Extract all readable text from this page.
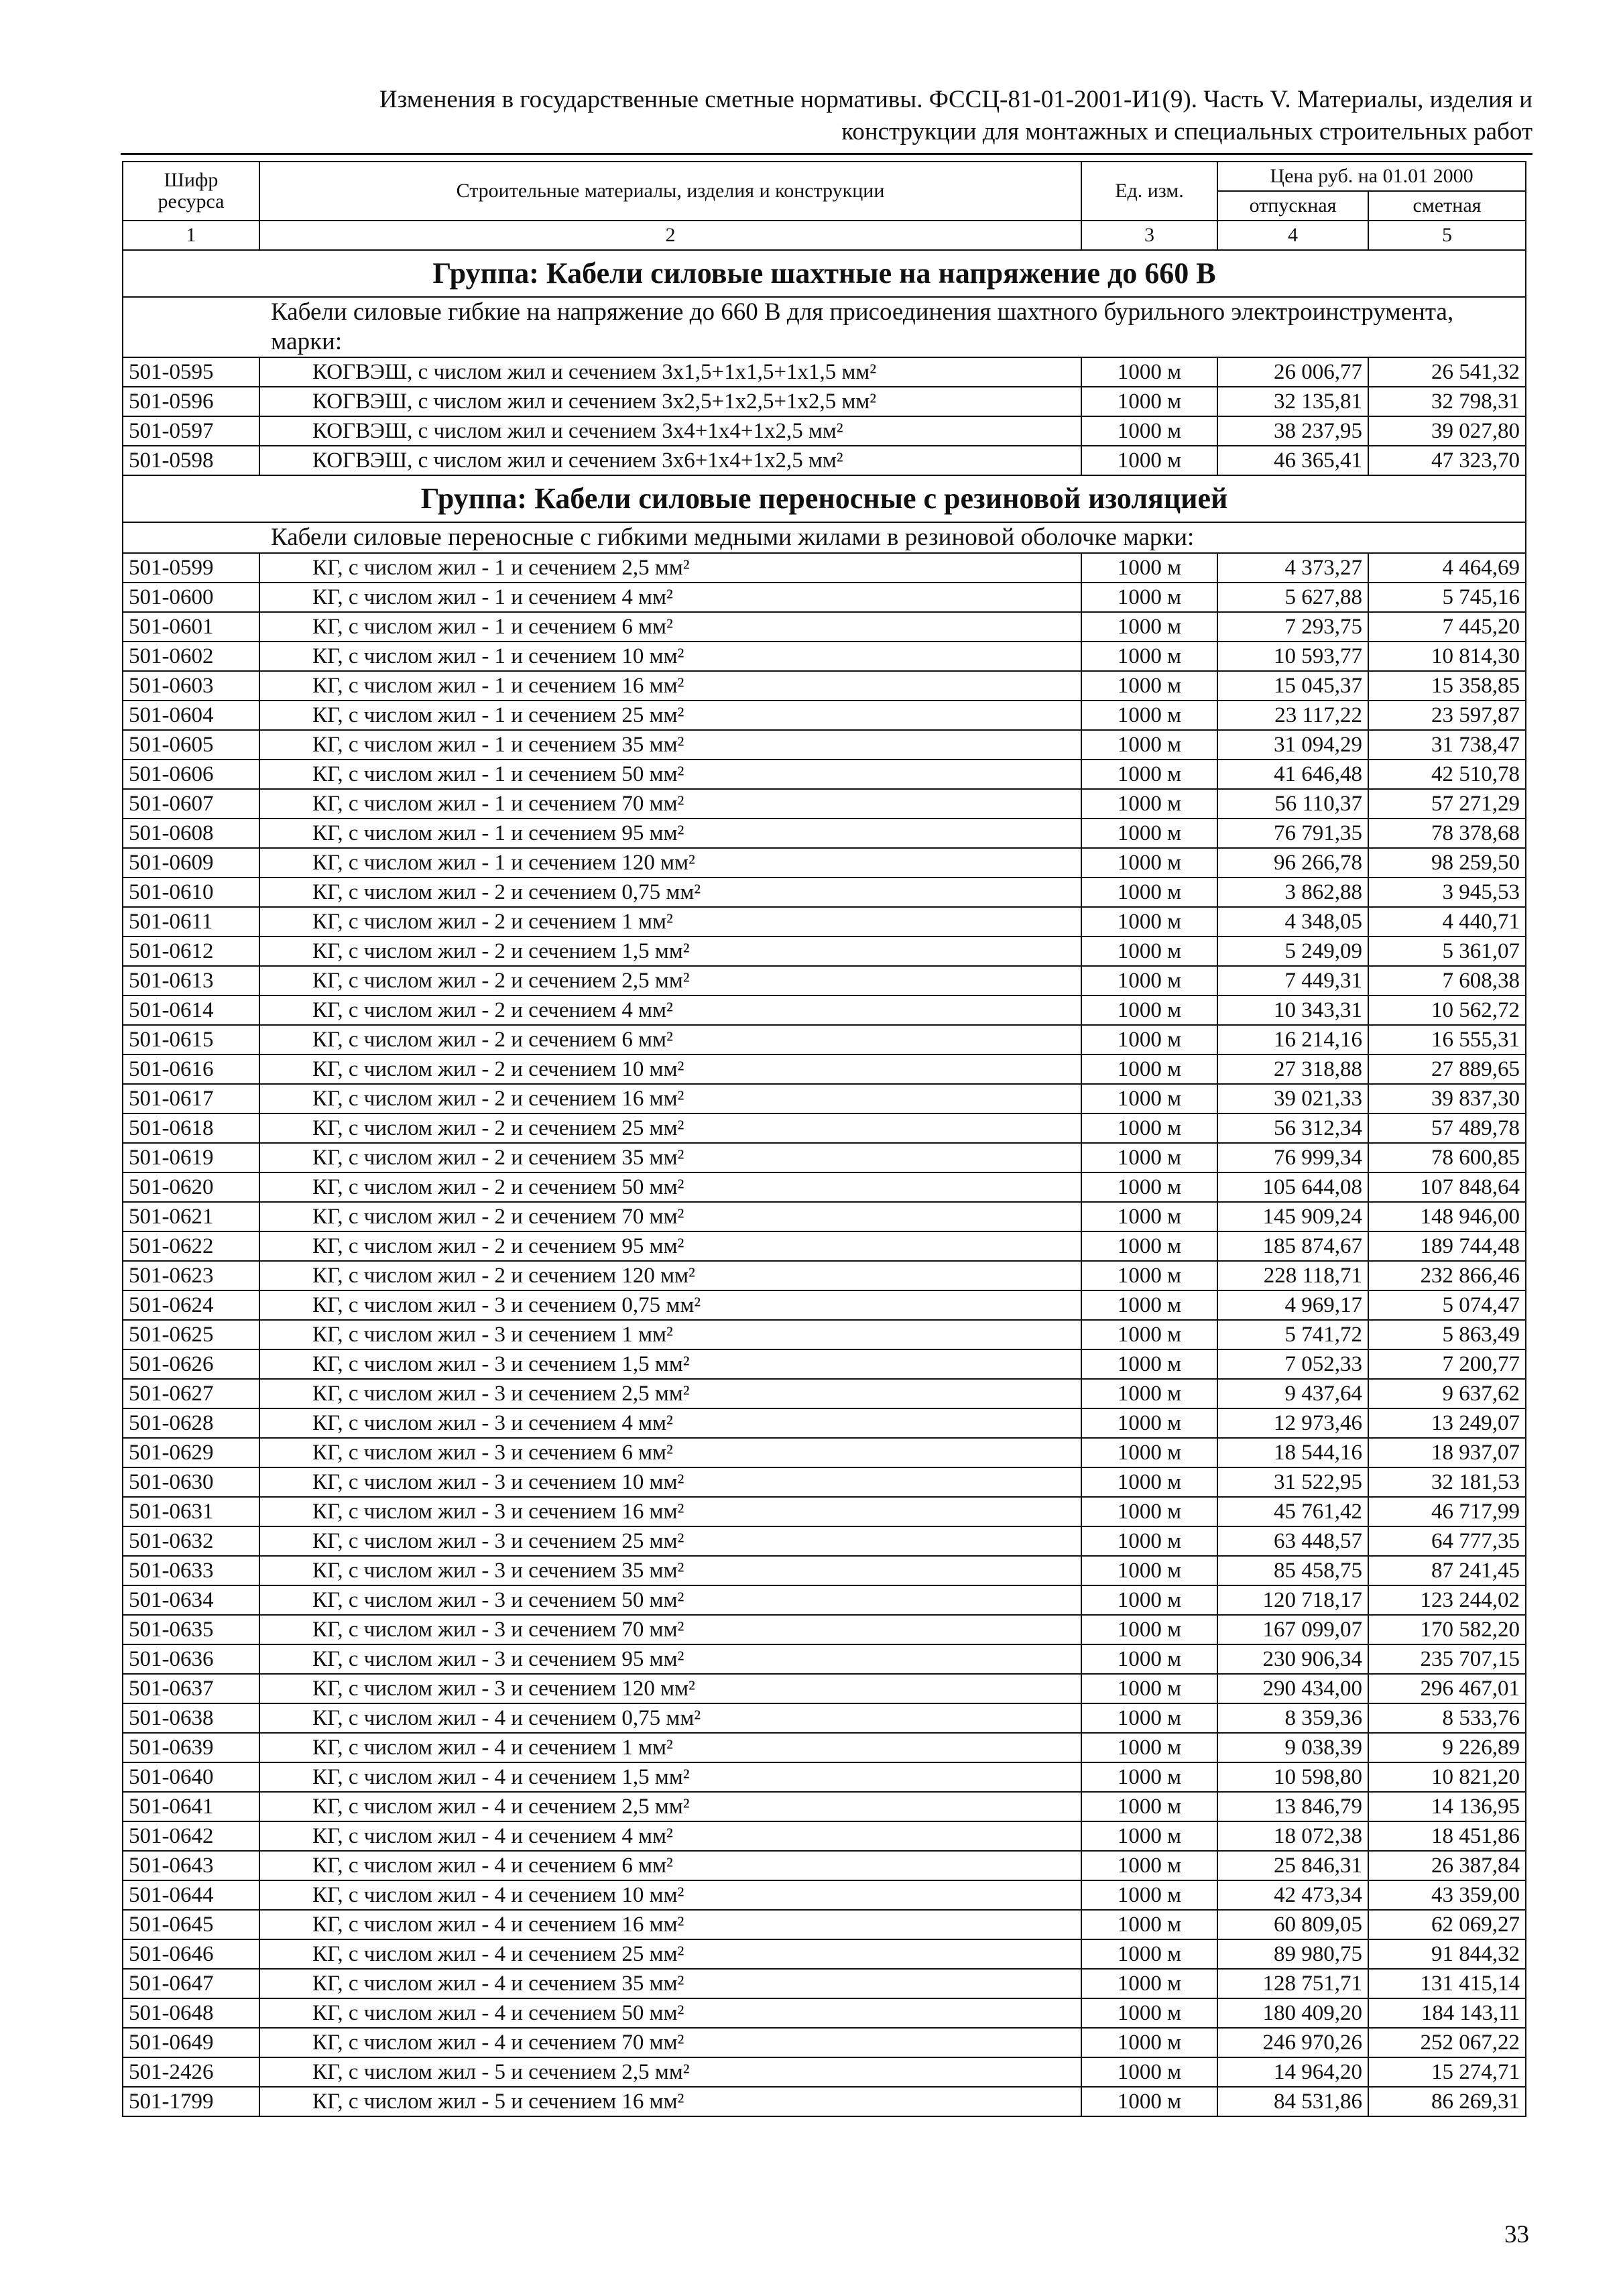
Изменения в государственные сметные нормативы. ФССЦ-81-01-2001-И1(9). Часть V. Материалы, изделия и
конструкции для монтажных и специальных строительных работ
Шифр ресурса	Строительные материалы, изделия и конструкции	Ед. изм.	Цена руб. на 01.01 2000	
			отпускная	сметная
1	2	3	4	5
Группа: Кабели силовые шахтные на напряжение до 660 В				
Кабели силовые гибкие на напряжение до 660 В для присоединения шахтного бурильного электроинструмента, марки:				
501-0595	КОГВЭШ, с числом жил и сечением 3х1,5+1х1,5+1х1,5 мм²	1000 м	26 006,77	26 541,32
501-0596	КОГВЭШ, с числом жил и сечением 3х2,5+1х2,5+1х2,5 мм²	1000 м	32 135,81	32 798,31
501-0597	КОГВЭШ, с числом жил и сечением 3х4+1х4+1х2,5 мм²	1000 м	38 237,95	39 027,80
501-0598	КОГВЭШ, с числом жил и сечением 3х6+1х4+1х2,5 мм²	1000 м	46 365,41	47 323,70
Группа: Кабели силовые переносные с резиновой изоляцией				
Кабели силовые переносные с гибкими медными жилами в резиновой оболочке марки:				
501-0599	КГ, с числом жил - 1 и сечением 2,5 мм²	1000 м	4 373,27	4 464,69
501-0600	КГ, с числом жил - 1 и сечением 4 мм²	1000 м	5 627,88	5 745,16
501-0601	КГ, с числом жил - 1 и сечением 6 мм²	1000 м	7 293,75	7 445,20
501-0602	КГ, с числом жил - 1 и сечением 10 мм²	1000 м	10 593,77	10 814,30
501-0603	КГ, с числом жил - 1 и сечением 16 мм²	1000 м	15 045,37	15 358,85
501-0604	КГ, с числом жил - 1 и сечением 25 мм²	1000 м	23 117,22	23 597,87
501-0605	КГ, с числом жил - 1 и сечением 35 мм²	1000 м	31 094,29	31 738,47
501-0606	КГ, с числом жил - 1 и сечением 50 мм²	1000 м	41 646,48	42 510,78
501-0607	КГ, с числом жил - 1 и сечением 70 мм²	1000 м	56 110,37	57 271,29
501-0608	КГ, с числом жил - 1 и сечением 95 мм²	1000 м	76 791,35	78 378,68
501-0609	КГ, с числом жил - 1 и сечением 120 мм²	1000 м	96 266,78	98 259,50
501-0610	КГ, с числом жил - 2 и сечением 0,75 мм²	1000 м	3 862,88	3 945,53
501-0611	КГ, с числом жил - 2 и сечением 1 мм²	1000 м	4 348,05	4 440,71
501-0612	КГ, с числом жил - 2 и сечением 1,5 мм²	1000 м	5 249,09	5 361,07
501-0613	КГ, с числом жил - 2 и сечением 2,5 мм²	1000 м	7 449,31	7 608,38
501-0614	КГ, с числом жил - 2 и сечением 4 мм²	1000 м	10 343,31	10 562,72
501-0615	КГ, с числом жил - 2 и сечением 6 мм²	1000 м	16 214,16	16 555,31
501-0616	КГ, с числом жил - 2 и сечением 10 мм²	1000 м	27 318,88	27 889,65
501-0617	КГ, с числом жил - 2 и сечением 16 мм²	1000 м	39 021,33	39 837,30
501-0618	КГ, с числом жил - 2 и сечением 25 мм²	1000 м	56 312,34	57 489,78
501-0619	КГ, с числом жил - 2 и сечением 35 мм²	1000 м	76 999,34	78 600,85
501-0620	КГ, с числом жил - 2 и сечением 50 мм²	1000 м	105 644,08	107 848,64
501-0621	КГ, с числом жил - 2 и сечением 70 мм²	1000 м	145 909,24	148 946,00
501-0622	КГ, с числом жил - 2 и сечением 95 мм²	1000 м	185 874,67	189 744,48
501-0623	КГ, с числом жил - 2 и сечением 120 мм²	1000 м	228 118,71	232 866,46
501-0624	КГ, с числом жил - 3 и сечением 0,75 мм²	1000 м	4 969,17	5 074,47
501-0625	КГ, с числом жил - 3 и сечением 1 мм²	1000 м	5 741,72	5 863,49
501-0626	КГ, с числом жил - 3 и сечением 1,5 мм²	1000 м	7 052,33	7 200,77
501-0627	КГ, с числом жил - 3 и сечением 2,5 мм²	1000 м	9 437,64	9 637,62
501-0628	КГ, с числом жил - 3 и сечением 4 мм²	1000 м	12 973,46	13 249,07
501-0629	КГ, с числом жил - 3 и сечением 6 мм²	1000 м	18 544,16	18 937,07
501-0630	КГ, с числом жил - 3 и сечением 10 мм²	1000 м	31 522,95	32 181,53
501-0631	КГ, с числом жил - 3 и сечением 16 мм²	1000 м	45 761,42	46 717,99
501-0632	КГ, с числом жил - 3 и сечением 25 мм²	1000 м	63 448,57	64 777,35
501-0633	КГ, с числом жил - 3 и сечением 35 мм²	1000 м	85 458,75	87 241,45
501-0634	КГ, с числом жил - 3 и сечением 50 мм²	1000 м	120 718,17	123 244,02
501-0635	КГ, с числом жил - 3 и сечением 70 мм²	1000 м	167 099,07	170 582,20
501-0636	КГ, с числом жил - 3 и сечением 95 мм²	1000 м	230 906,34	235 707,15
501-0637	КГ, с числом жил - 3 и сечением 120 мм²	1000 м	290 434,00	296 467,01
501-0638	КГ, с числом жил - 4 и сечением 0,75 мм²	1000 м	8 359,36	8 533,76
501-0639	КГ, с числом жил - 4 и сечением 1 мм²	1000 м	9 038,39	9 226,89
501-0640	КГ, с числом жил - 4 и сечением 1,5 мм²	1000 м	10 598,80	10 821,20
501-0641	КГ, с числом жил - 4 и сечением 2,5 мм²	1000 м	13 846,79	14 136,95
501-0642	КГ, с числом жил - 4 и сечением 4 мм²	1000 м	18 072,38	18 451,86
501-0643	КГ, с числом жил - 4 и сечением 6 мм²	1000 м	25 846,31	26 387,84
501-0644	КГ, с числом жил - 4 и сечением 10 мм²	1000 м	42 473,34	43 359,00
501-0645	КГ, с числом жил - 4 и сечением 16 мм²	1000 м	60 809,05	62 069,27
501-0646	КГ, с числом жил - 4 и сечением 25 мм²	1000 м	89 980,75	91 844,32
501-0647	КГ, с числом жил - 4 и сечением 35 мм²	1000 м	128 751,71	131 415,14
501-0648	КГ, с числом жил - 4 и сечением 50 мм²	1000 м	180 409,20	184 143,11
501-0649	КГ, с числом жил - 4 и сечением 70 мм²	1000 м	246 970,26	252 067,22
501-2426	КГ, с числом жил - 5 и сечением 2,5 мм²	1000 м	14 964,20	15 274,71
501-1799	КГ, с числом жил - 5 и сечением 16 мм²	1000 м	84 531,86	86 269,31
33
